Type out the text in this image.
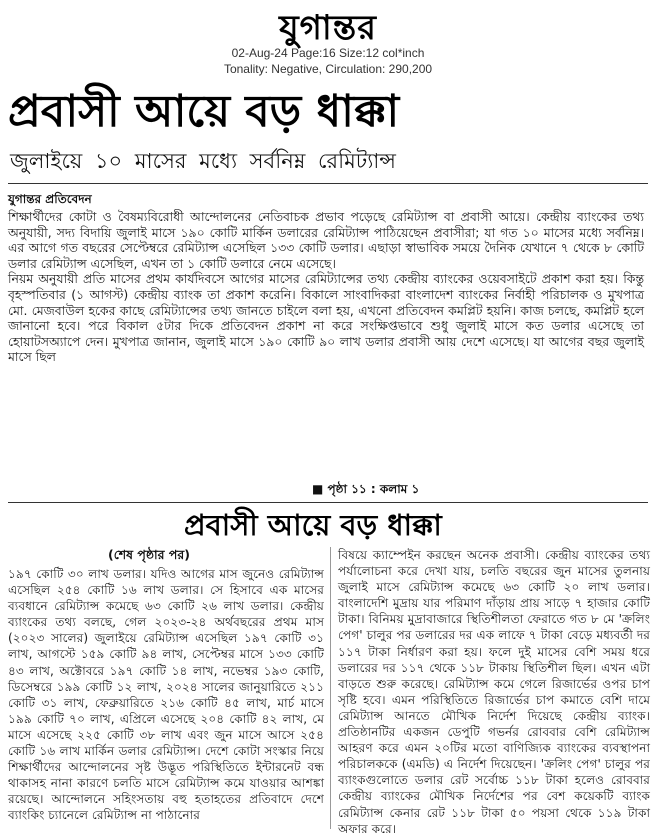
যুগান্তর
02-Aug-24 Page:16 Size:12 col*inch
Tonality: Negative, Circulation: 290,200
প্রবাসী আয়ে বড় ধাক্কা
জুলাইয়ে ১০ মাসের মধ্যে সর্বনিম্ন রেমিট্যান্স
যুগান্তর প্রতিবেদন

শিক্ষার্থীদের কোটা ও বৈষম্যবিরোধী আন্দোলনের নেতিবাচক প্রভাব পড়েছে রেমিট্যান্স বা প্রবাসী আয়ে। কেন্দ্রীয় ব্যাংকের তথ্য অনুযায়ী, সদ্য বিদায়ি জুলাই মাসে ১৯০ কোটি মার্কিন ডলারের রেমিট্যান্স পাঠিয়েছেন প্রবাসীরা; যা গত ১০ মাসের মধ্যে সর্বনিম্ন। এর আগে গত বছরের সেপ্টেম্বরে রেমিট্যান্স এসেছিল ১৩৩ কোটি ডলার। এছাড়া স্বাভাবিক সময়ে দৈনিক যেখানে ৭ থেকে ৮ কোটি ডলার রেমিট্যান্স এসেছিল, এখন তা ১ কোটি ডলারে নেমে এসেছে।

নিয়ম অনুযায়ী প্রতি মাসের প্রথম কার্যদিবসে আগের মাসের রেমিট্যান্সের তথ্য কেন্দ্রীয় ব্যাংকের ওয়েবসাইটে প্রকাশ করা হয়। কিন্তু বৃহস্পতিবার (১ আগস্ট) কেন্দ্রীয় ব্যাংক তা প্রকাশ করেনি। বিকালে সাংবাদিকরা বাংলাদেশ ব্যাংকের নির্বাহী পরিচালক ও মুখপাত্র মো. মেজবাউল হকের কাছে রেমিট্যান্সের তথ্য জানতে চাইলে বলা হয়, এখনো প্রতিবেদন কমপ্লিট হয়নি। কাজ চলছে, কমপ্লিট হলে জানানো হবে। পরে বিকাল ৫টার দিকে প্রতিবেদন প্রকাশ না করে সংক্ষিপ্তভাবে শুধু জুলাই মাসে কত ডলার এসেছে তা হোয়াটসঅ্যাপে দেন। মুখপাত্র জানান, জুলাই মাসে ১৯০ কোটি ৯০ লাখ ডলার প্রবাসী আয় দেশে এসেছে। যা আগের বছর জুলাই মাসে ছিল

■ পৃষ্ঠা ১১ : কলাম ১
প্রবাসী আয়ে বড় ধাক্কা
(শেষ পৃষ্ঠার পর)

১৯৭ কোটি ৩০ লাখ ডলার। যদিও আগের মাস জুনেও রেমিট্যান্স এসেছিল ২৫৪ কোটি ১৬ লাখ ডলার। সে হিসাবে এক মাসের ব্যবধানে রেমিট্যান্স কমেছে ৬৩ কোটি ২৬ লাখ ডলার। কেন্দ্রীয় ব্যাংকের তথ্য বলছে, গেল ২০২৩-২৪ অর্থবছরের প্রথম মাস (২০২৩ সালের) জুলাইয়ে রেমিট্যান্স এসেছিল ১৯৭ কোটি ৩১ লাখ, আগস্টে ১৫৯ কোটি ৯৪ লাখ, সেপ্টেম্বর মাসে ১৩৩ কোটি ৪৩ লাখ, অক্টোবরে ১৯৭ কোটি ১৪ লাখ, নভেম্বর ১৯৩ কোটি, ডিসেম্বরে ১৯৯ কোটি ১২ লাখ, ২০২৪ সালের জানুয়ারিতে ২১১ কোটি ৩১ লাখ, ফেব্রুয়ারিতে ২১৬ কোটি ৪৫ লাখ, মার্চ মাসে ১৯৯ কোটি ৭০ লাখ, এপ্রিলে এসেছে ২০৪ কোটি ৪২ লাখ, মে মাসে এসেছে ২২৫ কোটি ৩৮ লাখ এবং জুন মাসে আসে ২৫৪ কোটি ১৬ লাখ মার্কিন ডলার রেমিট্যান্স। দেশে কোটা সংস্কার নিয়ে শিক্ষার্থীদের আন্দোলনের সৃষ্ট উদ্ভূত পরিস্থিতিতে ইন্টারনেট বন্ধ থাকাসহ নানা কারণে চলতি মাসে রেমিট্যান্স কমে যাওয়ার আশঙ্কা রয়েছে। আন্দোলনে সহিংসতায় বহু হতাহতের প্রতিবাদে দেশে ব্যাংকিং চ্যানেলে রেমিট্যান্স না পাঠানোর

বিষয়ে ক্যাম্পেইন করছেন অনেক প্রবাসী। কেন্দ্রীয় ব্যাংকের তথ্য পর্যালোচনা করে দেখা যায়, চলতি বছরের জুন মাসের তুলনায় জুলাই মাসে রেমিট্যান্স কমেছে ৬৩ কোটি ২০ লাখ ডলার। বাংলাদেশি মুদ্রায় যার পরিমাণ দাঁড়ায় প্রায় সাড়ে ৭ হাজার কোটি টাকা। বিনিময় মুদ্রাবাজারে স্থিতিশীলতা ফেরাতে গত ৮ মে 'ক্রলিং পেগ' চালুর পর ডলারের দর এক লাফে ৭ টাকা বেড়ে মধ্যবর্তী দর ১১৭ টাকা নির্ধারণ করা হয়। ফলে দুই মাসের বেশি সময় ধরে ডলারের দর ১১৭ থেকে ১১৮ টাকায় স্থিতিশীল ছিল। এখন এটা বাড়তে শুরু করেছে। রেমিট্যান্স কমে গেলে রিজার্ভের ওপর চাপ সৃষ্টি হবে। এমন পরিস্থিতিতে রিজার্ভের চাপ কমাতে বেশি দামে রেমিট্যান্স আনতে মৌখিক নির্দেশ দিয়েছে কেন্দ্রীয় ব্যাংক। প্রতিষ্ঠানটির একজন ডেপুটি গভর্নর রোববার বেশি রেমিট্যান্স আহরণ করে এমন ২০টির মতো বাণিজ্যিক ব্যাংকের ব্যবস্থাপনা পরিচালককে (এমডি) এ নির্দেশ দিয়েছেন। 'ক্রলিং পেগ' চালুর পর ব্যাংকগুলোতে ডলার রেট সর্বোচ্চ ১১৮ টাকা হলেও রোববার কেন্দ্রীয় ব্যাংকের মৌখিক নির্দেশের পর বেশ কয়েকটি ব্যাংক রেমিট্যান্স কেনার রেট ১১৮ টাকা ৫০ পয়সা থেকে ১১৯ টাকা অফার করে।
